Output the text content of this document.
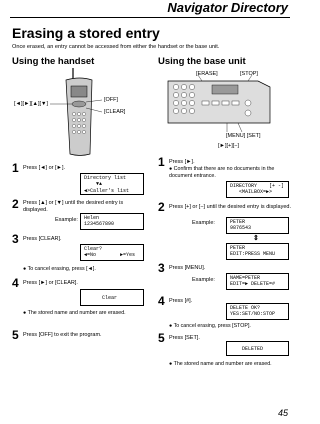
Navigator Directory
Erasing a stored entry
Once erased, an entry cannot be accessed from either the handset or the base unit.
Using the handset	Using the base unit
[OFF]
[CLEAR]
[◄][►][▲][▼]
[ERASE]	[STOP]
[MENU] [SET]
[►][+][−]
1 Press [◄] or [►].
Directory list
▼▲
◄>Caller's list
2 Press [▲] or [▼] until the desired entry is displayed.
Example:	Helen
1234567890
3 Press [CLEAR].
Clear?
◄=No        ►=Yes
● To cancel erasing, press [◄].
4 Press [►] or [CLEAR].
Clear
● The stored name and number are erased.
5 Press [OFF] to exit the program.
1 Press [►].
● Confirm that there are no documents in the document entrance.
DIRECTORY    [+ -]
<MAILBOX=►>
2 Press [+] or [−] until the desired entry is displayed.
Example:	PETER
9876543
⇕
PETER
EDIT:PRESS MENU
3 Press [MENU].
Example:	NAME=PETER
EDIT=► DELETE=#
4 Press [#].
DELETE OK?
YES:SET/NO:STOP
● To cancel erasing, press [STOP].
5 Press [SET].
DELETED
● The stored name and number are erased.
45
